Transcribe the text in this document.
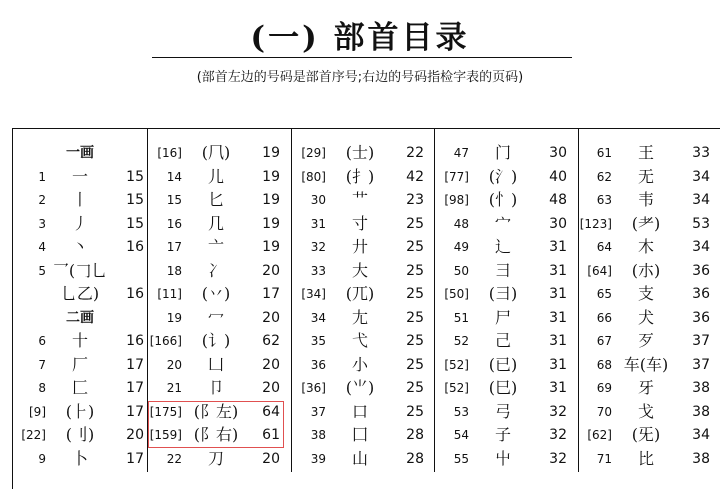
(一) 部首目录
(部首左边的号码是部首序号;右边的号码指检字表的页码)
一画
1	一	15
2	丨	15
3	丿	15
4	丶	16
5 乛(𠃌乚
乚乙)	16
二画
6	十	16
7	厂	17
8	匚	17
[9]	(⺊)	17
[22]	(刂)	20
9	卜	17
[16]	(⺇)	19
14	儿	19
15	匕	19
16	几	19
17	亠	19
18	冫	20
[11]	(丷)	17
19	冖	20
[166]	(讠)	62
20	凵	20
21	卩	20
[175] (阝左)	64
[159] (阝右)	61
22	刀	20
[29]	(士)	22
[80]	(扌)	42
30	艹	23
31	寸	25
32	廾	25
33	大	25
[34]	(兀)	25
34	尢	25
35	弋	25
36	小	25
[36]	(⺌)	25
37	口	25
38	囗	28
39	山	28
47	门	30
[77]	(氵)	40
[98]	(忄)	48
48	宀	30
49	辶	31
50	彐	31
[50]	(⺕)	31
51	尸	31
52	己	31
[52]	(已)	31
[52]	(巳)	31
53	弓	32
54	子	32
55	屮	32
61	王	33
62	无	34
63	韦	34
[123]	(⺹)	53
64	木	34
[64]	(朩)	36
65	支	36
66	犬	36
67	歹	37
68 车(⻋)	37
69	牙	38
70	戈	38
[62]	(旡)	34
71	比	38
